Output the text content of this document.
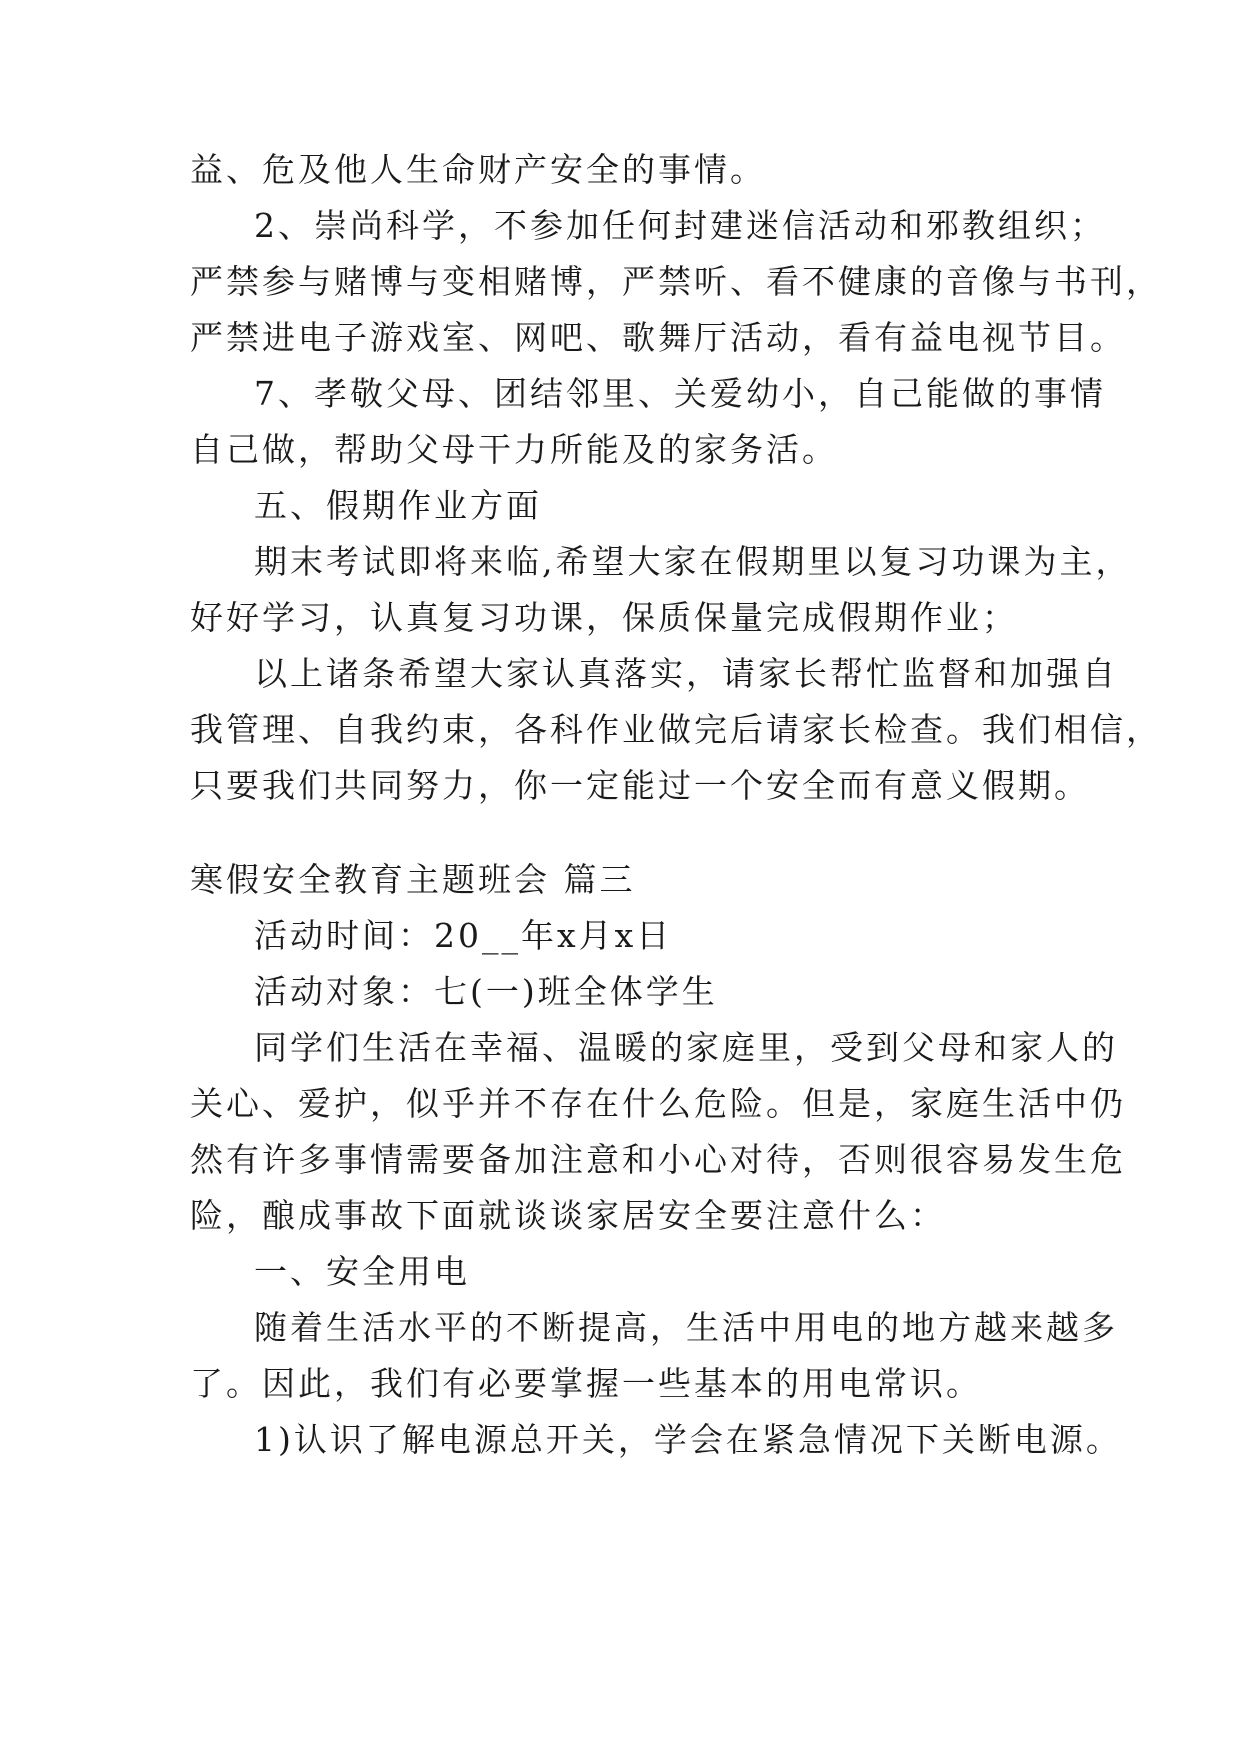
益、危及他人生命财产安全的事情。

2、崇尚科学，不参加任何封建迷信活动和邪教组织；

严禁参与赌博与变相赌博，严禁听、看不健康的音像与书刊，

严禁进电子游戏室、网吧、歌舞厅活动，看有益电视节目。

7、孝敬父母、团结邻里、关爱幼小，自己能做的事情

自己做，帮助父母干力所能及的家务活。

五、假期作业方面

期末考试即将来临,希望大家在假期里以复习功课为主，

好好学习，认真复习功课，保质保量完成假期作业；

以上诸条希望大家认真落实，请家长帮忙监督和加强自

我管理、自我约束，各科作业做完后请家长检查。我们相信，

只要我们共同努力，你一定能过一个安全而有意义假期。

寒假安全教育主题班会 篇三

活动时间：20__年x月x日

活动对象：七(一)班全体学生

同学们生活在幸福、温暖的家庭里，受到父母和家人的

关心、爱护，似乎并不存在什么危险。但是，家庭生活中仍

然有许多事情需要备加注意和小心对待，否则很容易发生危

险，酿成事故下面就谈谈家居安全要注意什么：

一、安全用电

随着生活水平的不断提高，生活中用电的地方越来越多

了。因此，我们有必要掌握一些基本的用电常识。

1)认识了解电源总开关，学会在紧急情况下关断电源。
